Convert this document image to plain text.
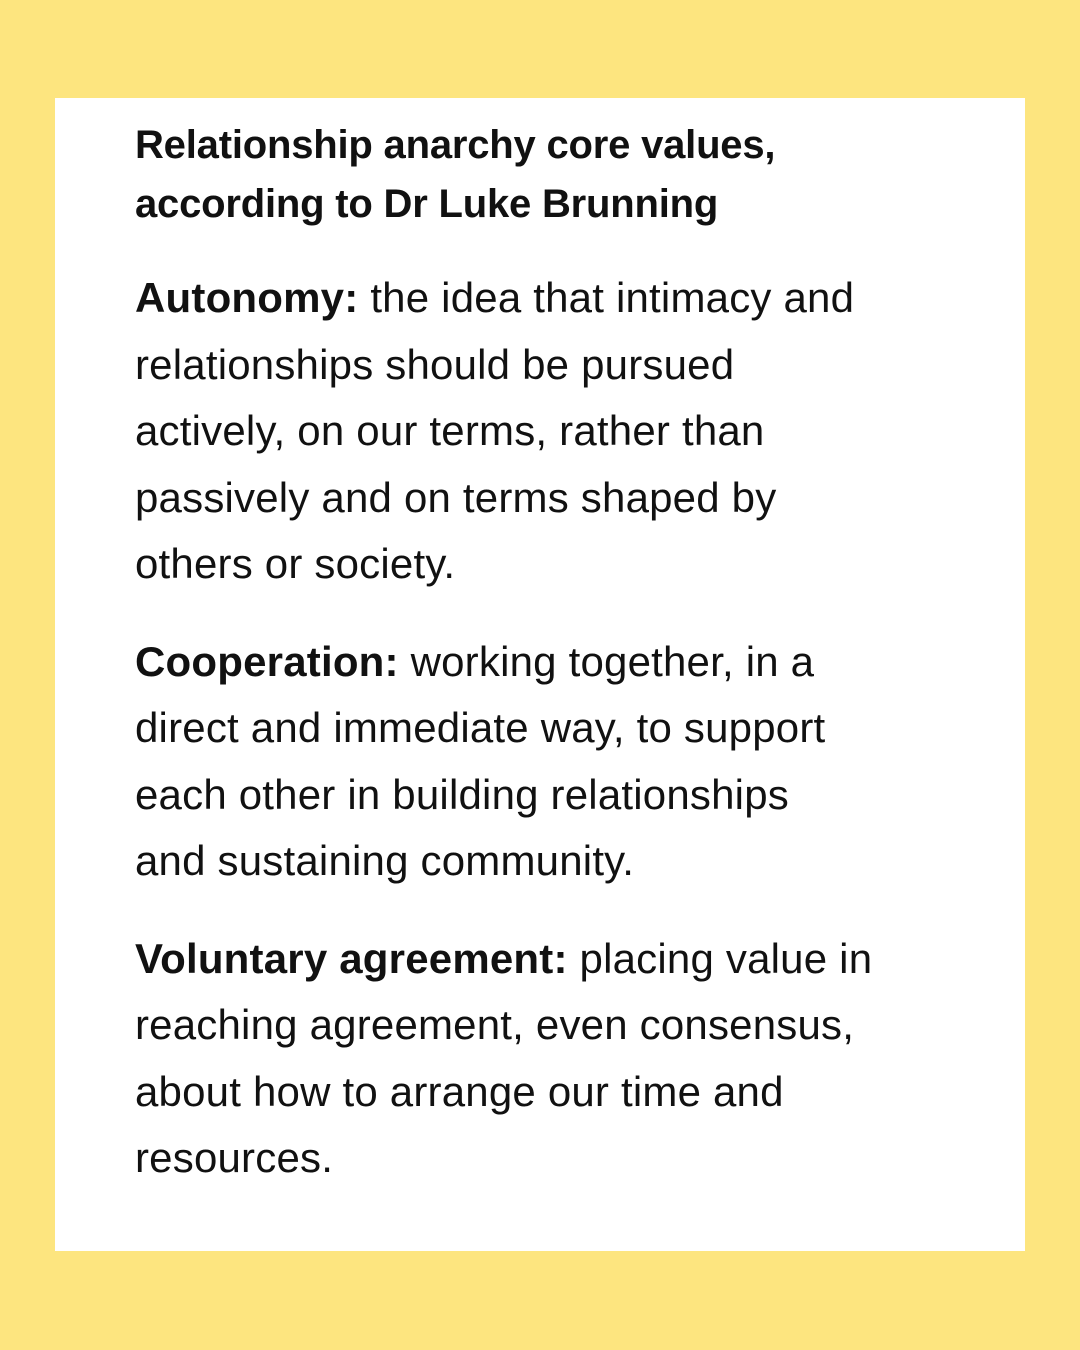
Relationship anarchy core values,
according to Dr Luke Brunning

Autonomy: the idea that intimacy and
relationships should be pursued
actively, on our terms, rather than
passively and on terms shaped by
others or society.

Cooperation: working together, in a
direct and immediate way, to support
each other in building relationships
and sustaining community.

Voluntary agreement: placing value in
reaching agreement, even consensus,
about how to arrange our time and
resources.
